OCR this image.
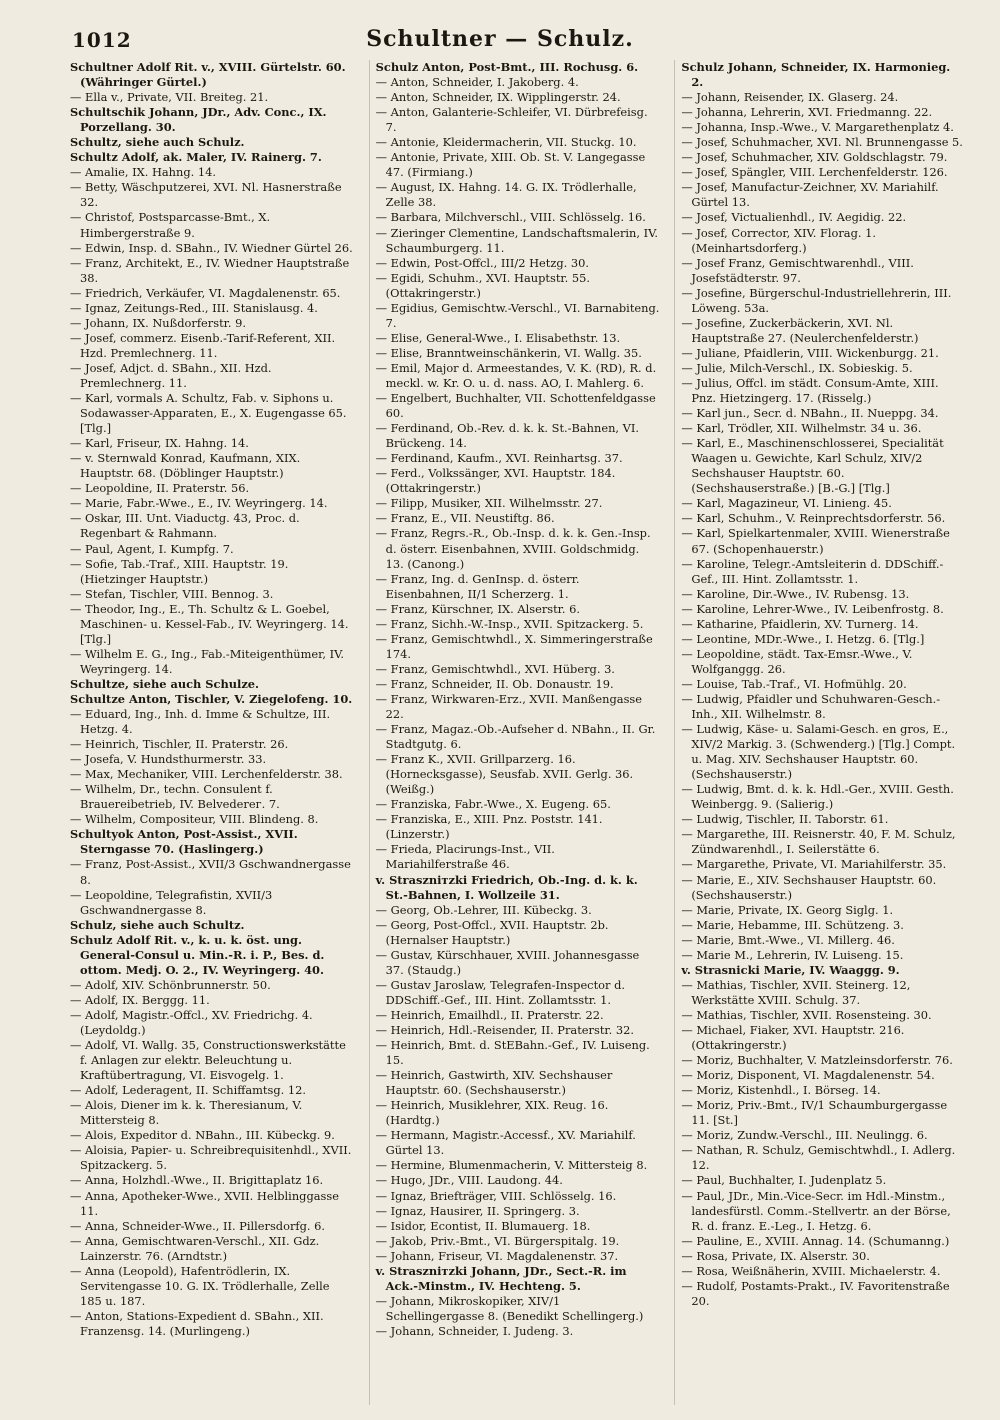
1012	Schultner — Schulz.

Schultner Adolf Rit. v., XVIII. Gürtelstr. 60. (Währinger Gürtel.)

— Ella v., Private, VII. Breiteg. 21.

Schultschik Johann, JDr., Adv. Conc., IX. Porzellang. 30.

Schultz, siehe auch Schulz.

Schultz Adolf, ak. Maler, IV. Rainerg. 7.

— Amalie, IX. Hahng. 14.

— Betty, Wäschputzerei, XVI. Nl. Hasnerstraße 32.

— Christof, Postsparcasse-Bmt., X. Himbergerstraße 9.

— Edwin, Insp. d. SBahn., IV. Wiedner Gürtel 26.

— Franz, Architekt, E., IV. Wiedner Hauptstraße 38.

— Friedrich, Verkäufer, VI. Magdalenenstr. 65.

— Ignaz, Zeitungs-Red., III. Stanislausg. 4.

— Johann, IX. Nußdorferstr. 9.

— Josef, commerz. Eisenb.-Tarif-Referent, XII. Hzd. Premlechnerg. 11.

— Josef, Adjct. d. SBahn., XII. Hzd. Premlechnerg. 11.

— Karl, vormals A. Schultz, Fab. v. Siphons u. Sodawasser-Apparaten, E., X. Eugengasse 65. [Tlg.]

— Karl, Friseur, IX. Hahng. 14.

— v. Sternwald Konrad, Kaufmann, XIX. Hauptstr. 68. (Döblinger Hauptstr.)

— Leopoldine, II. Praterstr. 56.

— Marie, Fabr.-Wwe., E., IV. Weyringerg. 14.

— Oskar, III. Unt. Viaductg. 43, Proc. d. Regenbart & Rahmann.

— Paul, Agent, I. Kumpfg. 7.

— Sofie, Tab.-Traf., XIII. Hauptstr. 19. (Hietzinger Hauptstr.)

— Stefan, Tischler, VIII. Bennog. 3.

— Theodor, Ing., E., Th. Schultz & L. Goebel, Maschinen- u. Kessel-Fab., IV. Weyringerg. 14. [Tlg.]

— Wilhelm E. G., Ing., Fab.-Miteigenthümer, IV. Weyringerg. 14.

Schultze, siehe auch Schulze.

Schultze Anton, Tischler, V. Ziegelofeng. 10.

— Eduard, Ing., Inh. d. Imme & Schultze, III. Hetzg. 4.

— Heinrich, Tischler, II. Praterstr. 26.

— Josefa, V. Hundsthurmerstr. 33.

— Max, Mechaniker, VIII. Lerchenfelderstr. 38.

— Wilhelm, Dr., techn. Consulent f. Brauereibetrieb, IV. Belvederег. 7.

— Wilhelm, Compositeur, VIII. Blindeng. 8.

Schultyok Anton, Post-Assist., XVII. Sterngasse 70. (Haslingerg.)

— Franz, Post-Assist., XVII/3 Gschwandnergasse 8.

— Leopoldine, Telegrafistin, XVII/3 Gschwandnergasse 8.

Schulz, siehe auch Schultz.

Schulz Adolf Rit. v., k. u. k. öst. ung. General-Consul u. Min.-R. i. P., Bes. d. ottom. Medj. O. 2., IV. Weyringerg. 40.

— Adolf, XIV. Schönbrunnerstr. 50.

— Adolf, IX. Berggg. 11.

— Adolf, Magistr.-Offcl., XV. Friedrichg. 4. (Leydoldg.)

— Adolf, VI. Wallg. 35, Constructionswerkstätte f. Anlagen zur elektr. Beleuchtung u. Kraftübertragung, VI. Eisvogelg. 1.

— Adolf, Lederagent, II. Schiffamtsg. 12.

— Alois, Diener im k. k. Theresianum, V. Mittersteig 8.

— Alois, Expeditor d. NBahn., III. Kübeckg. 9.

— Aloisia, Papier- u. Schreibrequisitenhdl., XVII. Spitzackerg. 5.

— Anna, Holzhdl.-Wwe., II. Brigittaplatz 16.

— Anna, Apotheker-Wwe., XVII. Helblinggasse 11.

— Anna, Schneider-Wwe., II. Pillersdorfg. 6.

— Anna, Gemischtwaren-Verschl., XII. Gdz. Lainzerstr. 76. (Arndtstr.)

— Anna (Leopold), Hafentrödlerin, IX. Servitengasse 10. G. IX. Trödlerhalle, Zelle 185 u. 187.

— Anton, Stations-Expedient d. SBahn., XII. Franzensg. 14. (Murlingeng.)

Schulz Anton, Post-Bmt., III. Rochusg. 6.

— Anton, Schneider, I. Jakoberg. 4.

— Anton, Schneider, IX. Wipplingerstr. 24.

— Anton, Galanterie-Schleifer, VI. Dürbrefeisg. 7.

— Antonie, Kleidermacherin, VII. Stuckg. 10.

— Antonie, Private, XIII. Ob. St. V. Langegasse 47. (Firmiang.)

— August, IX. Hahng. 14. G. IX. Trödlerhalle, Zelle 38.

— Barbara, Milchverschl., VIII. Schlösselg. 16.

— Zieringer Clementine, Landschaftsmalerin, IV. Schaumburgerg. 11.

— Edwin, Post-Offcl., III/2 Hetzg. 30.

— Egidi, Schuhm., XVI. Hauptstr. 55. (Ottakringerstr.)

— Egidius, Gemischtw.-Verschl., VI. Barnabiteng. 7.

— Elise, General-Wwe., I. Elisabethstr. 13.

— Elise, Branntweinschänkerin, VI. Wallg. 35.

— Emil, Major d. Armeestandes, V. K. (RD), R. d. meckl. w. Kr. O. u. d. nass. AO, I. Mahlerg. 6.

— Engelbert, Buchhalter, VII. Schottenfeldgasse 60.

— Ferdinand, Ob.-Rev. d. k. k. St.-Bahnen, VI. Brückeng. 14.

— Ferdinand, Kaufm., XVI. Reinhartsg. 37.

— Ferd., Volkssänger, XVI. Hauptstr. 184. (Ottakringerstr.)

— Filipp, Musiker, XII. Wilhelmsstr. 27.

— Franz, E., VII. Neustiftg. 86.

— Franz, Regrs.-R., Ob.-Insp. d. k. k. Gen.-Insp. d. österr. Eisenbahnen, XVIII. Goldschmidg. 13. (Canong.)

— Franz, Ing. d. GenInsp. d. österr. Eisenbahnen, II/1 Scherzerg. 1.

— Franz, Kürschner, IX. Alserstr. 6.

— Franz, Sichh.-W.-Insp., XVII. Spitzackerg. 5.

— Franz, Gemischtwhdl., X. Simmeringerstraße 174.

— Franz, Gemischtwhdl., XVI. Hüberg. 3.

— Franz, Schneider, II. Ob. Donaustr. 19.

— Franz, Wirkwaren-Erz., XVII. Manßengasse 22.

— Franz, Magaz.-Ob.-Aufseher d. NBahn., II. Gr. Stadtgutg. 6.

— Franz K., XVII. Grillparzerg. 16. (Hornecksgasse), Seusfab. XVII. Gerlg. 36. (Weißg.)

— Franziska, Fabr.-Wwe., X. Eugeng. 65.

— Franziska, E., XIII. Pnz. Poststr. 141. (Linzerstr.)

— Frieda, Placirungs-Inst., VII. Mariahilferstraße 46.

v. Straszniтzki Friedrich, Ob.-Ing. d. k. k. St.-Bahnen, I. Wollzeile 31.

— Georg, Ob.-Lehrer, III. Kübeckg. 3.

— Georg, Post-Offcl., XVII. Hauptstr. 2b. (Hernalser Hauptstr.)

— Gustav, Kürschhauer, XVIII. Johannesgasse 37. (Staudg.)

— Gustav Jaroslaw, Telegrafen-Inspector d. DDSchiff.-Gef., III. Hint. Zollamtsstr. 1.

— Heinrich, Emailhdl., II. Praterstr. 22.

— Heinrich, Hdl.-Reisender, II. Praterstr. 32.

— Heinrich, Bmt. d. StEBahn.-Gef., IV. Luiseng. 15.

— Heinrich, Gastwirth, XIV. Sechshauser Hauptstr. 60. (Sechshauserstr.)

— Heinrich, Musiklehrer, XIX. Reug. 16. (Hardtg.)

— Hermann, Magistr.-Accessf., XV. Mariahilf. Gürtel 13.

— Hermine, Blumenmacherin, V. Mittersteig 8.

— Hugo, JDr., VIII. Laudong. 44.

— Ignaz, Briefträger, VIII. Schlösselg. 16.

— Ignaz, Hausirer, II. Springerg. 3.

— Isidor, Econtist, II. Blumauerg. 18.

— Jakob, Priv.-Bmt., VI. Bürgerspitalg. 19.

— Johann, Friseur, VI. Magdalenenstr. 37.

v. Straszniтzki Johann, JDr., Sect.-R. im Ack.-Minstm., IV. Hechteng. 5.

— Johann, Mikroskopiker, XIV/1 Schellingergasse 8. (Benedikt Schellingerg.)

— Johann, Schneider, I. Judeng. 3.

Schulz Johann, Schneider, IX. Harmonieg. 2.

— Johann, Reisender, IX. Glaserg. 24.

— Johanna, Lehrerin, XVI. Friedmanng. 22.

— Johanna, Insp.-Wwe., V. Margarethenplatz 4.

— Josef, Schuhmacher, XVI. Nl. Brunnengasse 5.

— Josef, Schuhmacher, XIV. Goldschlagstr. 79.

— Josef, Spängler, VIII. Lerchenfelderstr. 126.

— Josef, Manufactur-Zeichner, XV. Mariahilf. Gürtel 13.

— Josef, Victualienhdl., IV. Aegidig. 22.

— Josef, Corrector, XIV. Florag. 1. (Meinhartsdorferg.)

— Josef Franz, Gemischtwarenhdl., VIII. Josefstädterstr. 97.

— Josefine, Bürgerschul-Industriellehrerin, III. Löweng. 53a.

— Josefine, Zuckerbäckerin, XVI. Nl. Hauptstraße 27. (Neulerchenfelderstr.)

— Juliane, Pfaidlerin, VIII. Wickenburgg. 21.

— Julie, Milch-Verschl., IX. Sobieskig. 5.

— Julius, Offcl. im städt. Consum-Amte, XIII. Pnz. Hietzingerg. 17. (Risselg.)

— Karl jun., Secr. d. NBahn., II. Nueppg. 34.

— Karl, Trödler, XII. Wilhelmstr. 34 u. 36.

— Karl, E., Maschinenschlosserei, Specialität Waagen u. Gewichte, Karl Schulz, XIV/2 Sechshauser Hauptstr. 60. (Sechshauserstraße.) [B.-G.] [Tlg.]

— Karl, Magazineur, VI. Linieng. 45.

— Karl, Schuhm., V. Reinprechtsdorferstr. 56.

— Karl, Spielkartenmaler, XVIII. Wienerstraße 67. (Schopenhauerstr.)

— Karoline, Telegr.-Amtsleiterin d. DDSchiff.-Gef., III. Hint. Zollamtsstr. 1.

— Karoline, Dir.-Wwe., IV. Rubensg. 13.

— Karoline, Lehrer-Wwe., IV. Leibenfrostg. 8.

— Katharine, Pfaidlerin, XV. Turnerg. 14.

— Leontine, MDr.-Wwe., I. Hetzg. 6. [Tlg.]

— Leopoldine, städt. Tax-Emsr.-Wwe., V. Wolfganggg. 26.

— Louise, Tab.-Traf., VI. Hofmühlg. 20.

— Ludwig, Pfaidler und Schuhwaren-Gesch.-Inh., XII. Wilhelmstr. 8.

— Ludwig, Käse- u. Salami-Gesch. en gros, E., XIV/2 Markig. 3. (Schwenderg.) [Tlg.] Compt. u. Mag. XIV. Sechshauser Hauptstr. 60. (Sechshauserstr.)

— Ludwig, Bmt. d. k. k. Hdl.-Ger., XVIII. Gesth. Weinbergg. 9. (Salierig.)

— Ludwig, Tischler, II. Taborstr. 61.

— Margarethe, III. Reisnerstr. 40, F. M. Schulz, Zündwarenhdl., I. Seilerstätte 6.

— Margarethe, Private, VI. Mariahilferstr. 35.

— Marie, E., XIV. Sechshauser Hauptstr. 60. (Sechshauserstr.)

— Marie, Private, IX. Georg Siglg. 1.

— Marie, Hebamme, III. Schützeng. 3.

— Marie, Bmt.-Wwe., VI. Millerg. 46.

— Marie M., Lehrerin, IV. Luiseng. 15.

v. Strasnicki Marie, IV. Waaggg. 9.

— Mathias, Tischler, XVII. Steinerg. 12, Werkstätte XVIII. Schulg. 37.

— Mathias, Tischler, XVII. Rosensteing. 30.

— Michael, Fiaker, XVI. Hauptstr. 216. (Ottakringerstr.)

— Moriz, Buchhalter, V. Matzleinsdorferstr. 76.

— Moriz, Disponent, VI. Magdalenenstr. 54.

— Moriz, Kistenhdl., I. Börseg. 14.

— Moriz, Priv.-Bmt., IV/1 Schaumburgergasse 11. [St.]

— Moriz, Zundw.-Verschl., III. Neulingg. 6.

— Nathan, R. Schulz, Gemischtwhdl., I. Adlerg. 12.

— Paul, Buchhalter, I. Judenplatz 5.

— Paul, JDr., Min.-Vice-Secr. im Hdl.-Minstm., landesfürstl. Comm.-Stellvertr. an der Börse, R. d. franz. E.-Leg., I. Hetzg. 6.

— Pauline, E., XVIII. Annag. 14. (Schumanng.)

— Rosa, Private, IX. Alserstr. 30.

— Rosa, Weißnäherin, XVIII. Michaelerstr. 4.

— Rudolf, Postamts-Prakt., IV. Favoritenstraße 20.
